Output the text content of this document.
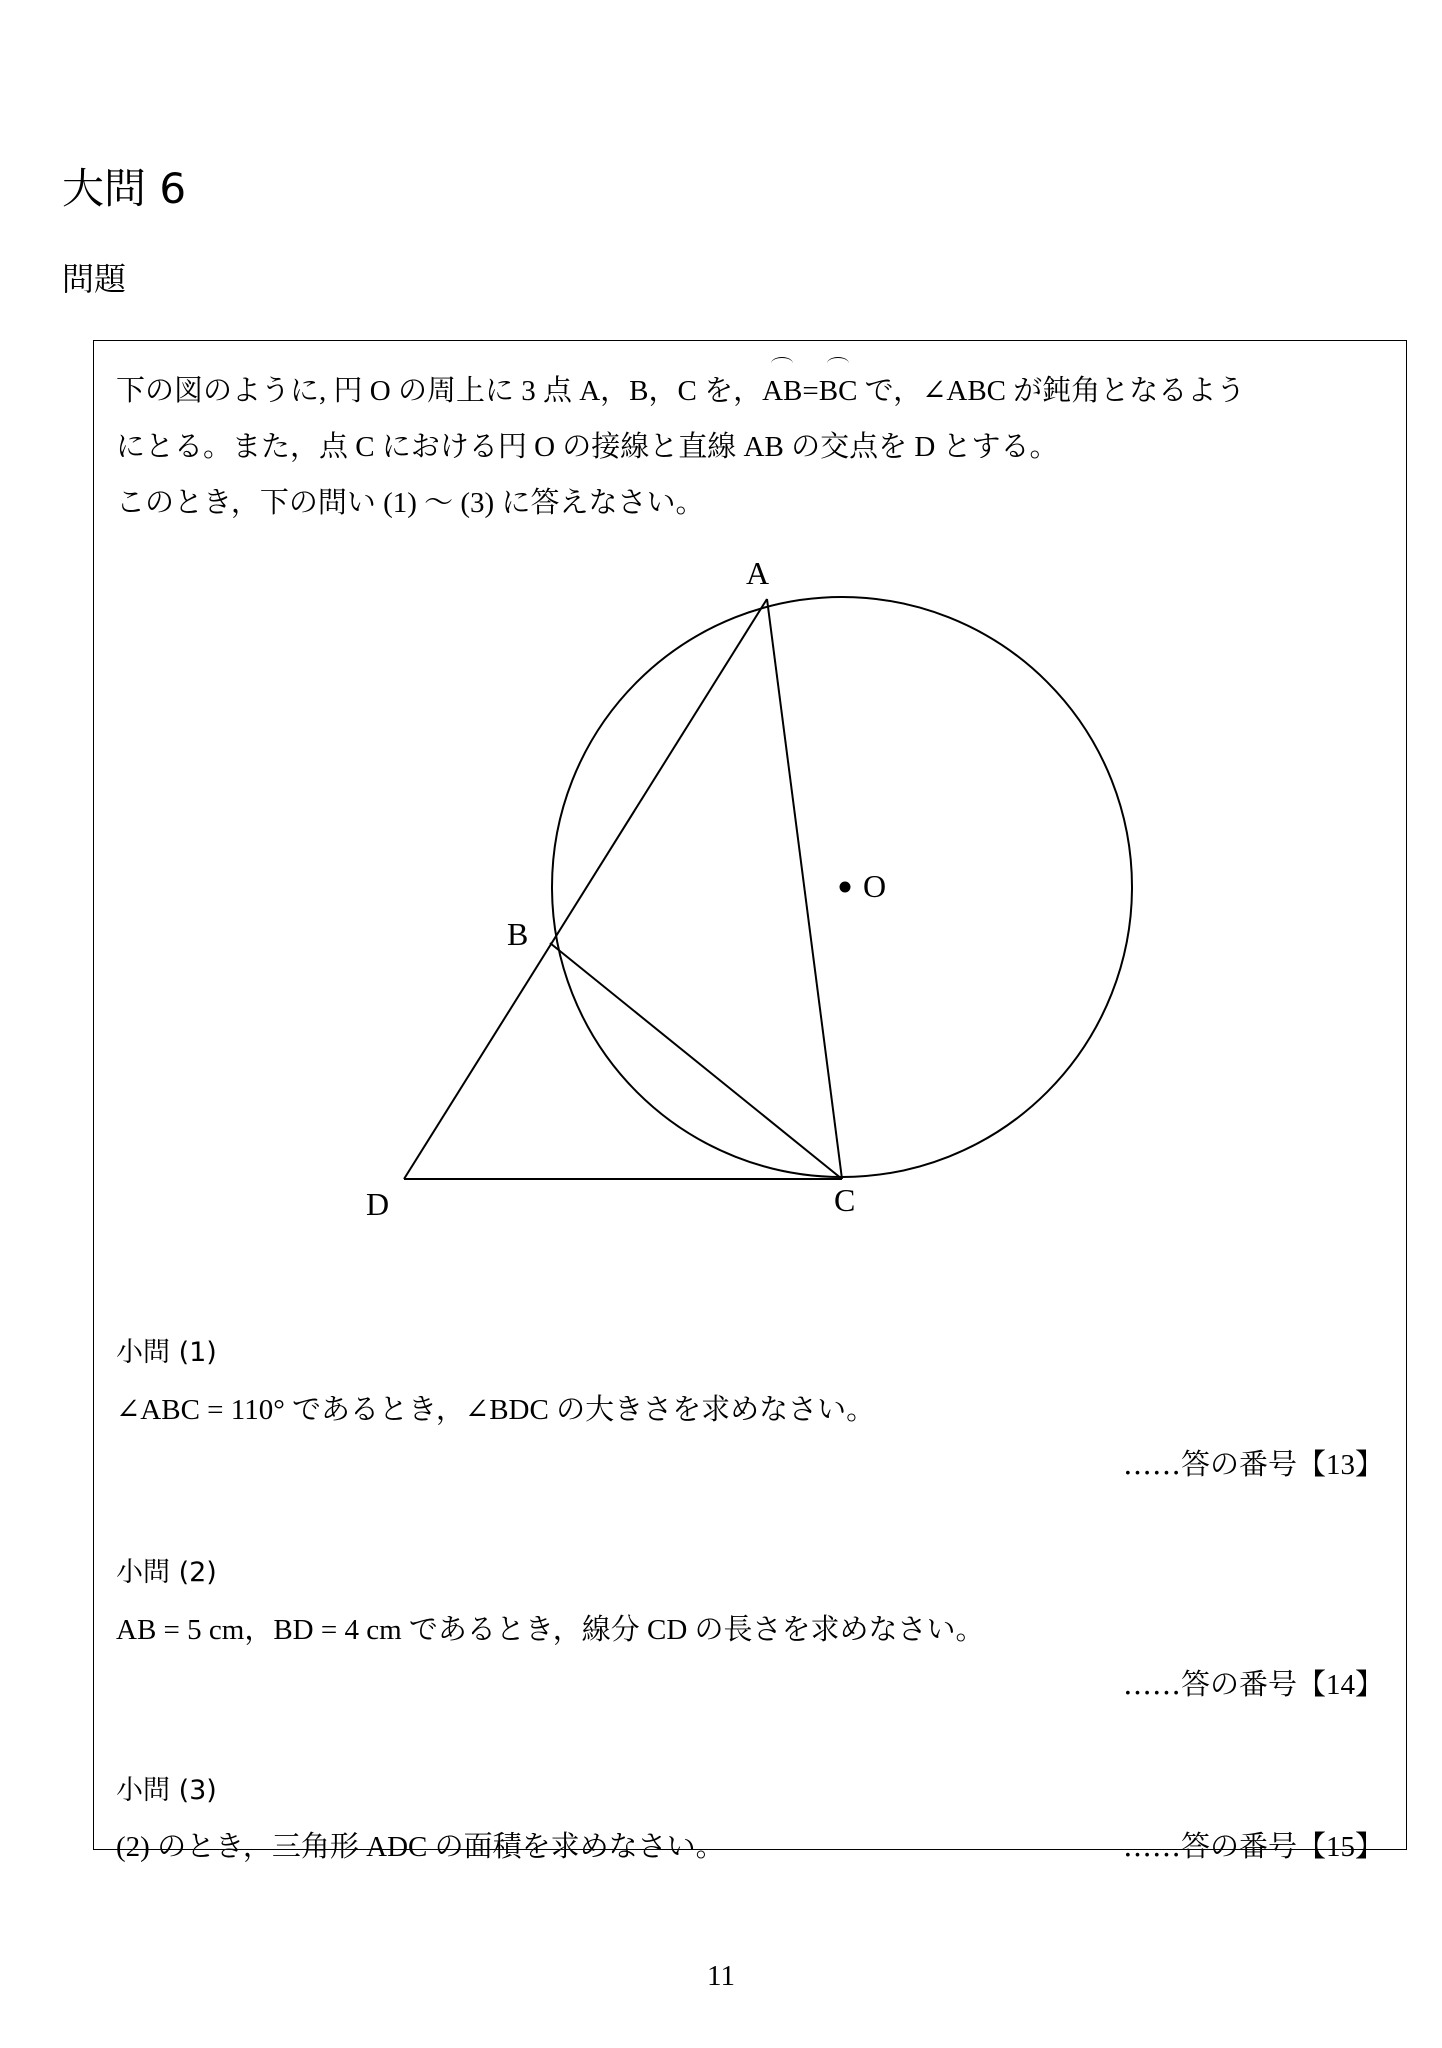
大問 6
問題
下の図のように, 円 O の周上に 3 点 A，B，C を，AB=BC で，∠ABC が鈍角となるよう
にとる。また，点 C における円 O の接線と直線 AB の交点を D とする。
このとき，下の問い (1) ～ (3) に答えなさい。
A
B
C
D
O
小問 (1)
∠ABC = 110° であるとき，∠BDC の大きさを求めなさい。
‥‥‥答の番号【13】
小問 (2)
AB = 5 cm，BD = 4 cm であるとき，線分 CD の長さを求めなさい。
‥‥‥答の番号【14】
小問 (3)
(2) のとき，三角形 ADC の面積を求めなさい。	‥‥‥答の番号【15】
11
